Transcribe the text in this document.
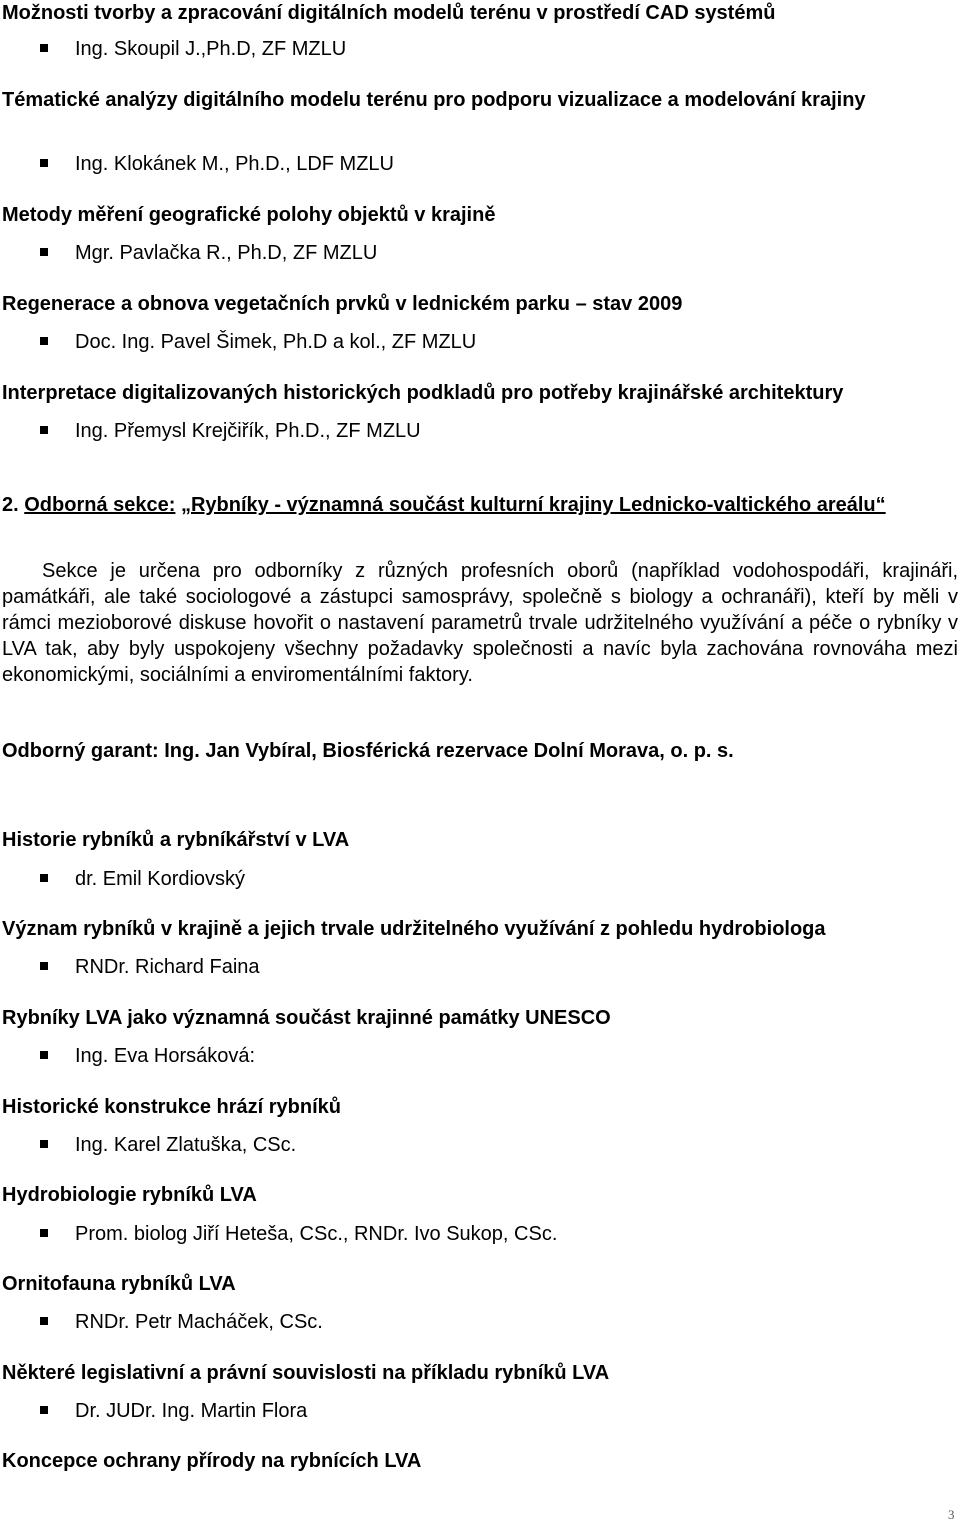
Možnosti tvorby a zpracování digitálních modelů terénu v prostředí CAD systémů
Ing. Skoupil J.,Ph.D, ZF MZLU
Tématické analýzy digitálního modelu terénu pro podporu vizualizace a modelování krajiny
Ing. Klokánek M., Ph.D., LDF MZLU
Metody měření geografické polohy objektů v krajině
Mgr. Pavlačka R., Ph.D, ZF MZLU
Regenerace a obnova vegetačních prvků v lednickém parku – stav 2009
Doc. Ing. Pavel Šimek, Ph.D a kol., ZF MZLU
Interpretace digitalizovaných historických podkladů pro potřeby krajinářské architektury
Ing. Přemysl Krejčiřík, Ph.D., ZF MZLU
2. Odborná sekce: „Rybníky - významná součást kulturní krajiny Lednicko-valtického areálu“
Sekce je určena pro odborníky z různých profesních oborů (například vodohospodáři, krajináři, památkáři, ale také sociologové a zástupci samosprávy, společně s biology a ochranáři), kteří by měli v rámci mezioborové diskuse hovořit o nastavení parametrů trvale udržitelného využívání a péče o rybníky v LVA tak, aby byly uspokojeny všechny požadavky společnosti a navíc byla zachována rovnováha mezi ekonomickými, sociálními a enviromentálními faktory.
Odborný garant: Ing. Jan Vybíral, Biosférická rezervace Dolní Morava, o. p. s.
Historie rybníků a rybníkářství v LVA
dr. Emil Kordiovský
Význam rybníků v krajině a jejich trvale udržitelného využívání z pohledu hydrobiologa
RNDr. Richard Faina
Rybníky LVA jako významná součást krajinné památky UNESCO
Ing. Eva Horsáková:
Historické konstrukce hrází rybníků
Ing. Karel Zlatuška, CSc.
Hydrobiologie rybníků LVA
Prom. biolog Jiří Heteša, CSc., RNDr. Ivo Sukop, CSc.
Ornitofauna rybníků LVA
RNDr. Petr Macháček, CSc.
Některé legislativní a právní souvislosti na příkladu rybníků LVA
Dr. JUDr. Ing. Martin Flora
Koncepce ochrany přírody na rybnících LVA
3
